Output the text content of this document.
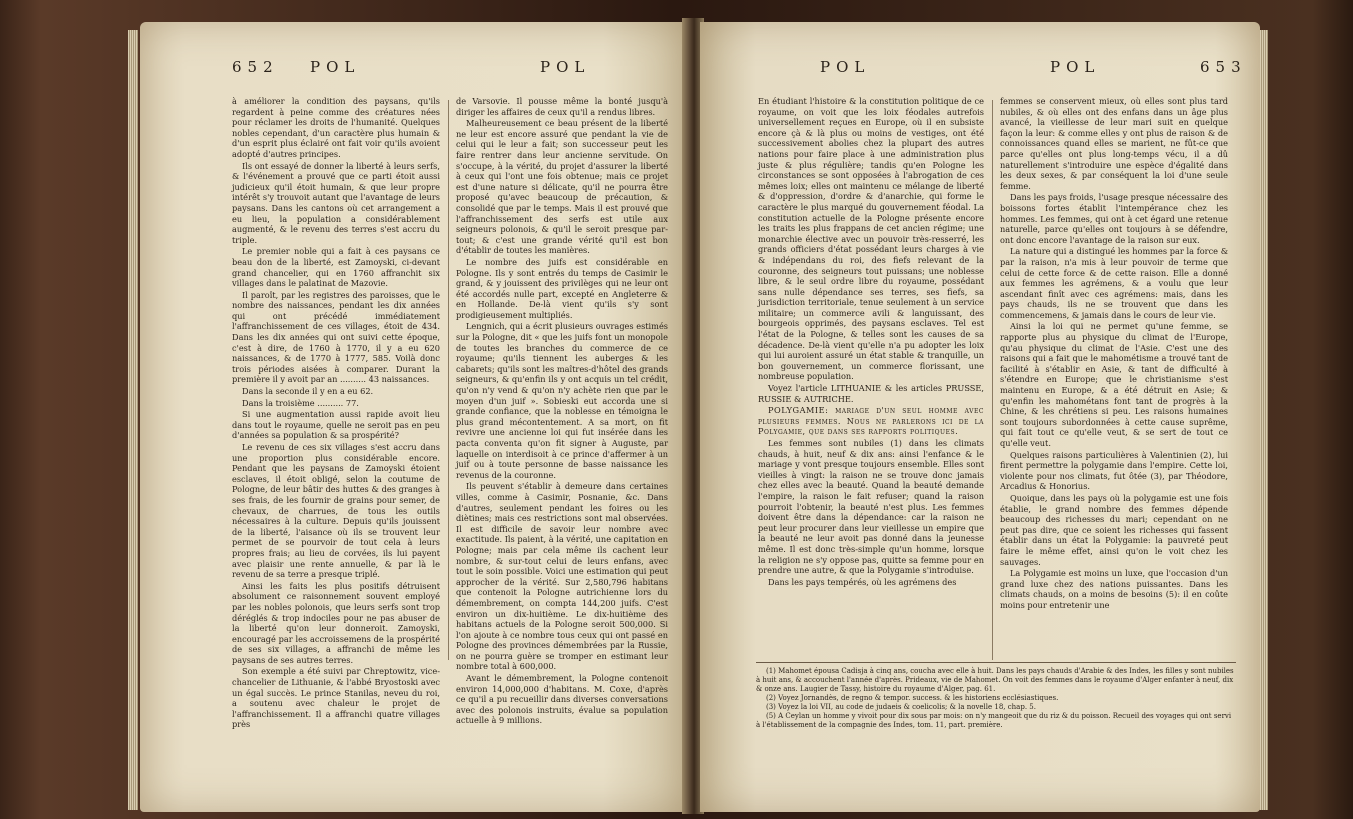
652 POL	POL

à améliorer la condition des paysans, qu'ils regardent à peine comme des créatures nées pour réclamer les droits de l'humanité. Quelques nobles cependant, d'un caractère plus humain & d'un esprit plus éclairé ont fait voir qu'ils avoient adopté d'autres principes.

Ils ont essayé de donner la liberté à leurs serfs, & l'événement a prouvé que ce parti étoit aussi judicieux qu'il étoit humain, & que leur propre intérêt s'y trouvoit autant que l'avantage de leurs paysans. Dans les cantons où cet arrangement a eu lieu, la population a considérablement augmenté, & le revenu des terres s'est accru du triple.

Le premier noble qui a fait à ces paysans ce beau don de la liberté, est Zamoyski, ci-devant grand chancelier, qui en 1760 affranchit six villages dans le palatinat de Mazovie.

Il paroît, par les registres des paroisses, que le nombre des naissances, pendant les dix années qui ont précédé immédiatement l'affranchissement de ces villages, étoit de 434. Dans les dix années qui ont suivi cette époque, c'est à dire, de 1760 à 1770, il y a eu 620 naissances, & de 1770 à 1777, 585. Voilà donc trois périodes aisées à comparer. Durant la première il y avoit par an .......... 43 naissances.

Dans la seconde il y en a eu 62.

Dans la troisième .......... 77.

Si une augmentation aussi rapide avoit lieu dans tout le royaume, quelle ne seroit pas en peu d'années sa population & sa prospérité?

Le revenu de ces six villages s'est accru dans une proportion plus considérable encore. Pendant que les paysans de Zamoyski étoient esclaves, il étoit obligé, selon la coutume de Pologne, de leur bâtir des huttes & des granges à ses frais, de les fournir de grains pour semer, de chevaux, de charrues, de tous les outils nécessaires à la culture. Depuis qu'ils jouissent de la liberté, l'aisance où ils se trouvent leur permet de se pourvoir de tout cela à leurs propres frais; au lieu de corvées, ils lui payent avec plaisir une rente annuelle, & par là le revenu de sa terre a presque triplé.

Ainsi les faits les plus positifs détruisent absolument ce raisonnement souvent employé par les nobles polonois, que leurs serfs sont trop déréglés & trop indociles pour ne pas abuser de la liberté qu'on leur donneroit. Zamoyski, encouragé par les accroissemens de la prospérité de ses six villages, a affranchi de même les paysans de ses autres terres.

Son exemple a été suivi par Chreptowitz, vice-chancelier de Lithuanie, & l'abbé Bryostoski avec un égal succès. Le prince Stanilas, neveu du roi, a soutenu avec chaleur le projet de l'affranchissement. Il a affranchi quatre villages près

de Varsovie. Il pousse même la bonté jusqu'à diriger les affaires de ceux qu'il a rendus libres.

Malheureusement ce beau présent de la liberté ne leur est encore assuré que pendant la vie de celui qui le leur a fait; son successeur peut les faire rentrer dans leur ancienne servitude. On s'occupe, à la vérité, du projet d'assurer la liberté à ceux qui l'ont une fois obtenue; mais ce projet est d'une nature si délicate, qu'il ne pourra être proposé qu'avec beaucoup de précaution, & consolidé que par le temps. Mais il est prouvé que l'affranchissement des serfs est utile aux seigneurs polonois, & qu'il le seroit presque par-tout; & c'est une grande vérité qu'il est bon d'établir de toutes les manières.

Le nombre des juifs est considérable en Pologne. Ils y sont entrés du temps de Casimir le grand, & y jouissent des privilèges qui ne leur ont été accordés nulle part, excepté en Angleterre & en Hollande. De-là vient qu'ils s'y sont prodigieusement multipliés.

Lengnich, qui a écrit plusieurs ouvrages estimés sur la Pologne, dit « que les juifs font un monopole de toutes les branches du commerce de ce royaume; qu'ils tiennent les auberges & les cabarets; qu'ils sont les maîtres-d'hôtel des grands seigneurs, & qu'enfin ils y ont acquis un tel crédit, qu'on n'y vend & qu'on n'y achète rien que par le moyen d'un juif ». Sobieski eut accorda une si grande confiance, que la noblesse en témoigna le plus grand mécontentement. A sa mort, on fit revivre une ancienne loi qui fut insérée dans les pacta conventa qu'on fit signer à Auguste, par laquelle on interdisoit à ce prince d'affermer à un juif ou à toute personne de basse naissance les revenus de la couronne.

Ils peuvent s'établir à demeure dans certaines villes, comme à Casimir, Posnanie, &c. Dans d'autres, seulement pendant les foires ou les diètines; mais ces restrictions sont mal observées. Il est difficile de savoir leur nombre avec exactitude. Ils paient, à la vérité, une capitation en Pologne; mais par cela même ils cachent leur nombre, & sur-tout celui de leurs enfans, avec tout le soin possible. Voici une estimation qui peut approcher de la vérité. Sur 2,580,796 habitans que contenoit la Pologne autrichienne lors du démembrement, on compta 144,200 juifs. C'est environ un dix-huitième. Le dix-huitième des habitans actuels de la Pologne seroit 500,000. Si l'on ajoute à ce nombre tous ceux qui ont passé en Pologne des provinces démembrées par la Russie, on ne pourra guère se tromper en estimant leur nombre total à 600,000.

Avant le démembrement, la Pologne contenoit environ 14,000,000 d'habitans. M. Coxe, d'après ce qu'il a pu recueillir dans diverses conversations avec des polonois instruits, évalue sa population actuelle à 9 millions.

POL	POL	653

En étudiant l'histoire & la constitution politique de ce royaume, on voit que les loix féodales autrefois universellement reçues en Europe, où il en subsiste encore çà & là plus ou moins de vestiges, ont été successivement abolies chez la plupart des autres nations pour faire place à une administration plus juste & plus régulière; tandis qu'en Pologne les circonstances se sont opposées à l'abrogation de ces mêmes loix; elles ont maintenu ce mélange de liberté & d'oppression, d'ordre & d'anarchie, qui forme le caractère le plus marqué du gouvernement féodal. La constitution actuelle de la Pologne présente encore les traits les plus frappans de cet ancien régime; une monarchie élective avec un pouvoir très-resserré, les grands officiers d'état possédant leurs charges à vie & indépendans du roi, des fiefs relevant de la couronne, des seigneurs tout puissans; une noblesse libre, & le seul ordre libre du royaume, possédant sans nulle dépendance ses terres, ses fiefs, sa jurisdiction territoriale, tenue seulement à un service militaire; un commerce avili & languissant, des bourgeois opprimés, des paysans esclaves. Tel est l'état de la Pologne, & telles sont les causes de sa décadence. De-là vient qu'elle n'a pu adopter les loix qui lui auroient assuré un état stable & tranquille, un bon gouvernement, un commerce florissant, une nombreuse population.

Voyez l'article LITHUANIE & les articles PRUSSE, RUSSIE & AUTRICHE.

POLYGAMIE: mariage d'un seul homme avec plusieurs femmes. Nous ne parlerons ici de la Polygamie, que dans ses rapports politiques.

Les femmes sont nubiles (1) dans les climats chauds, à huit, neuf & dix ans: ainsi l'enfance & le mariage y vont presque toujours ensemble. Elles sont vieilles à vingt: la raison ne se trouve donc jamais chez elles avec la beauté. Quand la beauté demande l'empire, la raison le fait refuser; quand la raison pourroit l'obtenir, la beauté n'est plus. Les femmes doivent être dans la dépendance: car la raison ne peut leur procurer dans leur vieillesse un empire que la beauté ne leur avoit pas donné dans la jeunesse même. Il est donc très-simple qu'un homme, lorsque la religion ne s'y oppose pas, quitte sa femme pour en prendre une autre, & que la Polygamie s'introduise.

Dans les pays tempérés, où les agrémens des

femmes se conservent mieux, où elles sont plus tard nubiles, & où elles ont des enfans dans un âge plus avancé, la vieillesse de leur mari suit en quelque façon la leur: & comme elles y ont plus de raison & de connoissances quand elles se marient, ne fût-ce que parce qu'elles ont plus long-temps vécu, il a dû naturellement s'introduire une espèce d'égalité dans les deux sexes, & par conséquent la loi d'une seule femme.

Dans les pays froids, l'usage presque nécessaire des boissons fortes établit l'intempérance chez les hommes. Les femmes, qui ont à cet égard une retenue naturelle, parce qu'elles ont toujours à se défendre, ont donc encore l'avantage de la raison sur eux.

La nature qui a distingué les hommes par la force & par la raison, n'a mis à leur pouvoir de terme que celui de cette force & de cette raison. Elle a donné aux femmes les agrémens, & a voulu que leur ascendant finît avec ces agrémens: mais, dans les pays chauds, ils ne se trouvent que dans les commencemens, & jamais dans le cours de leur vie.

Ainsi la loi qui ne permet qu'une femme, se rapporte plus au physique du climat de l'Europe, qu'au physique du climat de l'Asie. C'est une des raisons qui a fait que le mahométisme a trouvé tant de facilité à s'établir en Asie, & tant de difficulté à s'étendre en Europe; que le christianisme s'est maintenu en Europe, & a été détruit en Asie; & qu'enfin les mahométans font tant de progrès à la Chine, & les chrétiens si peu. Les raisons humaines sont toujours subordonnées à cette cause suprême, qui fait tout ce qu'elle veut, & se sert de tout ce qu'elle veut.

Quelques raisons particulières à Valentinien (2), lui firent permettre la polygamie dans l'empire. Cette loi, violente pour nos climats, fut ôtée (3), par Théodore, Arcadius & Honorius.

Quoique, dans les pays où la polygamie est une fois établie, le grand nombre des femmes dépende beaucoup des richesses du mari; cependant on ne peut pas dire, que ce soient les richesses qui fassent établir dans un état la Polygamie: la pauvreté peut faire le même effet, ainsi qu'on le voit chez les sauvages.

La Polygamie est moins un luxe, que l'occasion d'un grand luxe chez des nations puissantes. Dans les climats chauds, on a moins de besoins (5): il en coûte moins pour entretenir une

(1) Mahomet épousa Cadisja à cinq ans, coucha avec elle à huit. Dans les pays chauds d'Arabie & des Indes, les filles y sont nubiles à huit ans, & accouchent l'année d'après. Prideaux, vie de Mahomet. On voit des femmes dans le royaume d'Alger enfanter à neuf, dix & onze ans. Laugier de Tassy, histoire du royaume d'Alger, pag. 61.

(2) Voyez Jornandès, de regno & tempor. success. & les historiens ecclésiastiques.

(3) Voyez la loi VII, au code de judaeis & coelicolis; & la novelle 18, chap. 5.

(5) A Ceylan un homme y vivoit pour dix sous par mois: on n'y mangeoit que du riz & du poisson. Recueil des voyages qui ont servi à l'établissement de la compagnie des Indes, tom. 11, part. première.
